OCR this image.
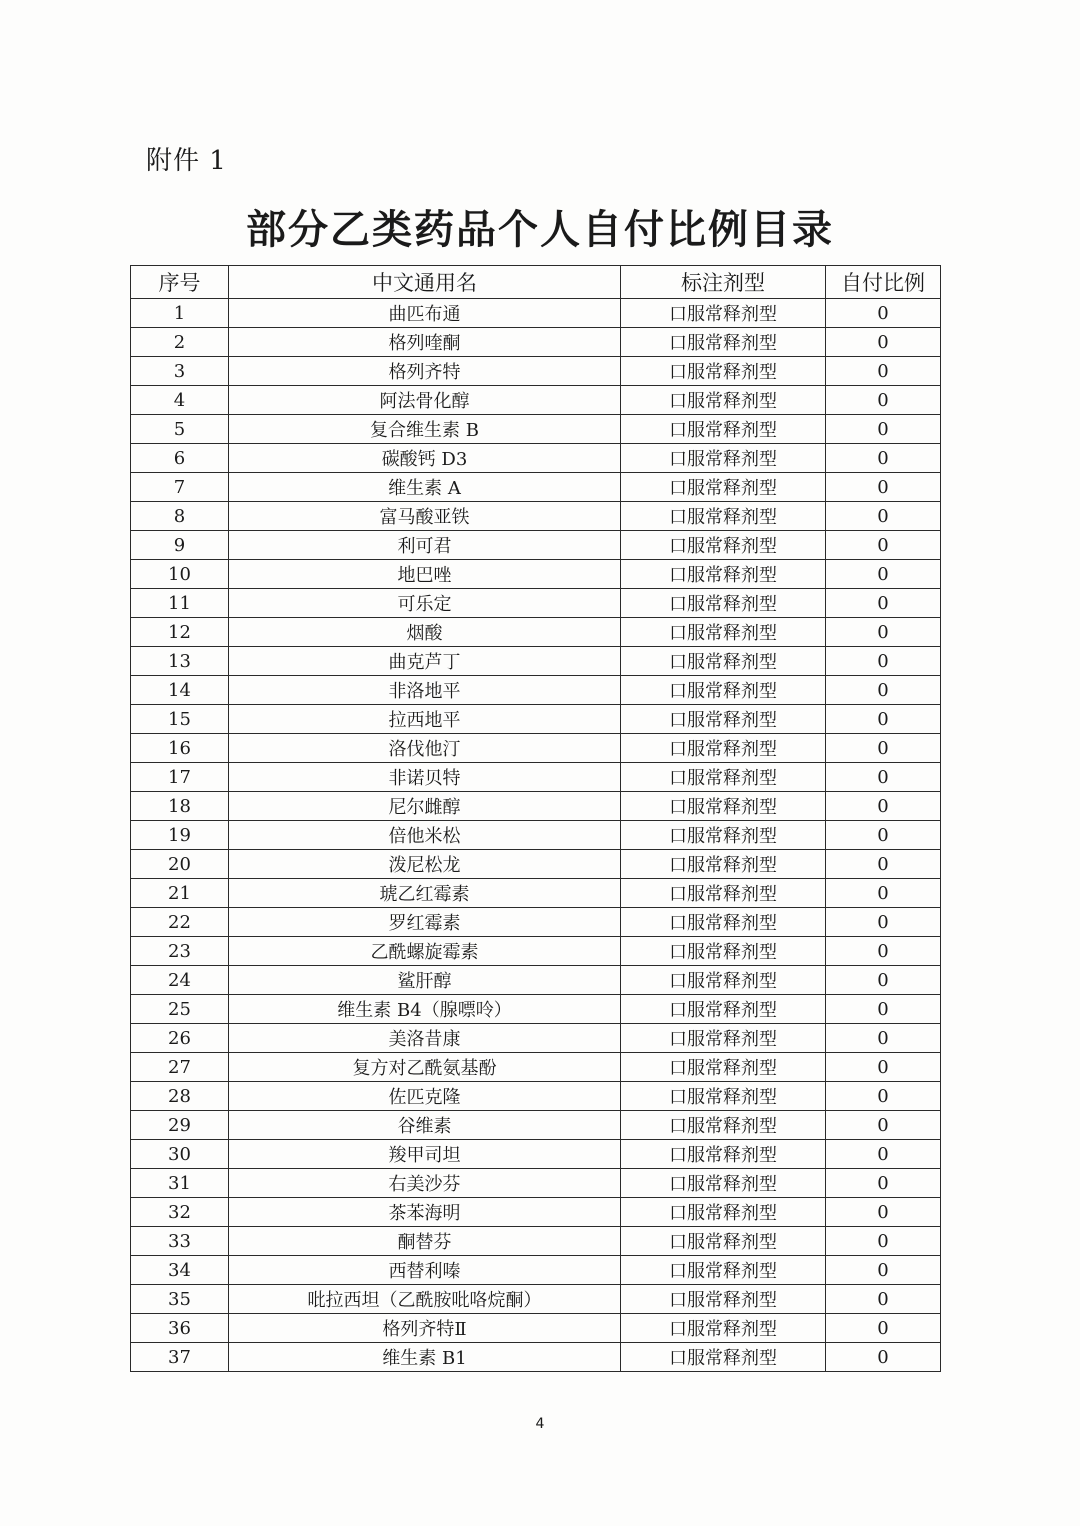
附件 1
部分乙类药品个人自付比例目录
序号	中文通用名	标注剂型	自付比例
1	曲匹布通	口服常释剂型	0
2	格列喹酮	口服常释剂型	0
3	格列齐特	口服常释剂型	0
4	阿法骨化醇	口服常释剂型	0
5	复合维生素 B	口服常释剂型	0
6	碳酸钙 D3	口服常释剂型	0
7	维生素 A	口服常释剂型	0
8	富马酸亚铁	口服常释剂型	0
9	利可君	口服常释剂型	0
10	地巴唑	口服常释剂型	0
11	可乐定	口服常释剂型	0
12	烟酸	口服常释剂型	0
13	曲克芦丁	口服常释剂型	0
14	非洛地平	口服常释剂型	0
15	拉西地平	口服常释剂型	0
16	洛伐他汀	口服常释剂型	0
17	非诺贝特	口服常释剂型	0
18	尼尔雌醇	口服常释剂型	0
19	倍他米松	口服常释剂型	0
20	泼尼松龙	口服常释剂型	0
21	琥乙红霉素	口服常释剂型	0
22	罗红霉素	口服常释剂型	0
23	乙酰螺旋霉素	口服常释剂型	0
24	鲨肝醇	口服常释剂型	0
25	维生素 B4（腺嘌呤）	口服常释剂型	0
26	美洛昔康	口服常释剂型	0
27	复方对乙酰氨基酚	口服常释剂型	0
28	佐匹克隆	口服常释剂型	0
29	谷维素	口服常释剂型	0
30	羧甲司坦	口服常释剂型	0
31	右美沙芬	口服常释剂型	0
32	茶苯海明	口服常释剂型	0
33	酮替芬	口服常释剂型	0
34	西替利嗪	口服常释剂型	0
35	吡拉西坦（乙酰胺吡咯烷酮）	口服常释剂型	0
36	格列齐特Ⅱ	口服常释剂型	0
37	维生素 B1	口服常释剂型	0
4
